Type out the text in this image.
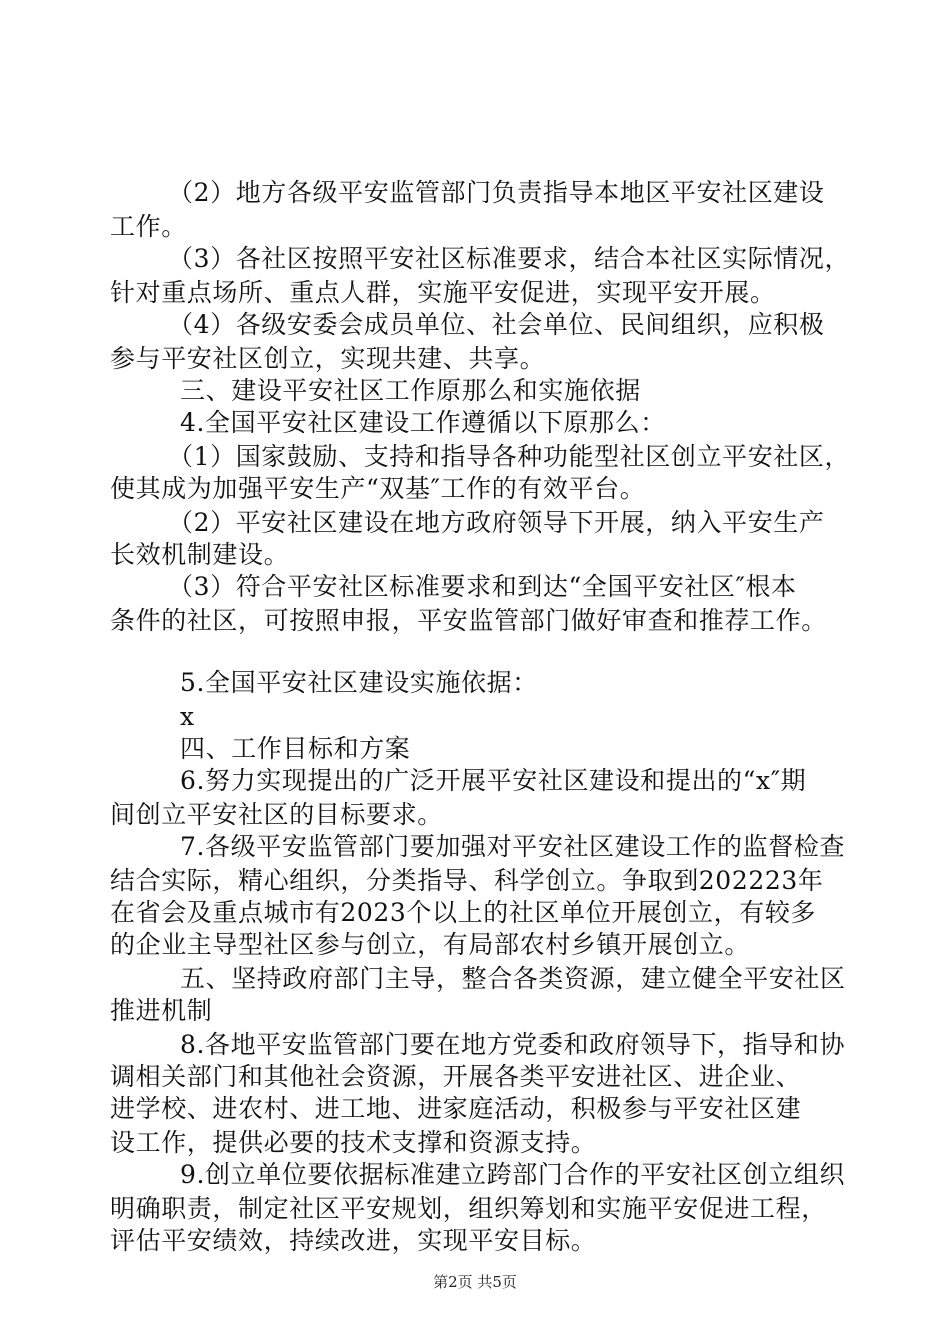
（2）地方各级平安监管部门负责指导本地区平安社区建设
工作。
（3）各社区按照平安社区标准要求，结合本社区实际情况，
针对重点场所、重点人群，实施平安促进，实现平安开展。
（4）各级安委会成员单位、社会单位、民间组织，应积极
参与平安社区创立，实现共建、共享。
三、建设平安社区工作原那么和实施依据
4.全国平安社区建设工作遵循以下原那么：
（1）国家鼓励、支持和指导各种功能型社区创立平安社区，
使其成为加强平安生产“双基″工作的有效平台。
（2）平安社区建设在地方政府领导下开展，纳入平安生产
长效机制建设。
（3）符合平安社区标准要求和到达“全国平安社区″根本
条件的社区，可按照申报，平安监管部门做好审查和推荐工作。
5.全国平安社区建设实施依据：
x
四、工作目标和方案
6.努力实现提出的广泛开展平安社区建设和提出的“x″期
间创立平安社区的目标要求。
7.各级平安监管部门要加强对平安社区建设工作的监督检查
结合实际，精心组织，分类指导、科学创立。争取到202223年
在省会及重点城市有2023个以上的社区单位开展创立，有较多
的企业主导型社区参与创立，有局部农村乡镇开展创立。
五、坚持政府部门主导，整合各类资源，建立健全平安社区
推进机制
8.各地平安监管部门要在地方党委和政府领导下，指导和协
调相关部门和其他社会资源，开展各类平安进社区、进企业、
进学校、进农村、进工地、进家庭活动，积极参与平安社区建
设工作，提供必要的技术支撑和资源支持。
9.创立单位要依据标准建立跨部门合作的平安社区创立组织
明确职责，制定社区平安规划，组织筹划和实施平安促进工程，
评估平安绩效，持续改进，实现平安目标。
第2页 共5页
